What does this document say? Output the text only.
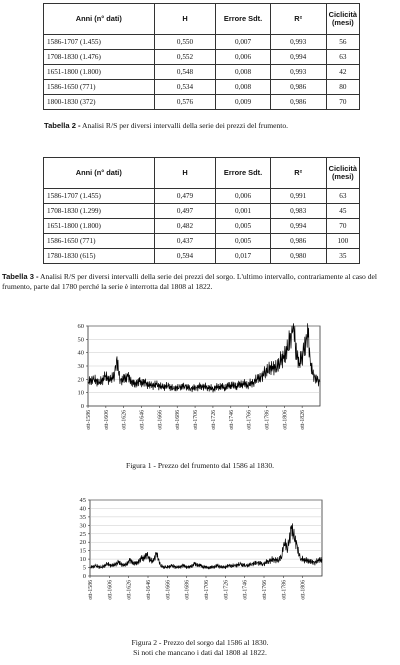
Anni (n° dati)	H	Errore Sdt.	R²	Ciclicità (mesi)
1586-1707 (1.455)	0,550	0,007	0,993	56
1708-1830 (1.476)	0,552	0,006	0,994	63
1651-1800 (1.800)	0,548	0,008	0,993	42
1586-1650 (771)	0,534	0,008	0,986	80
1800-1830 (372)	0,576	0,009	0,986	70
Tabella 2 - Analisi R/S per diversi intervalli della serie dei prezzi del frumento.
Anni (n° dati)	H	Errore Sdt.	R²	Ciclicità (mesi)
1586-1707 (1.455)	0,479	0,006	0,991	63
1708-1830 (1.299)	0,497	0,001	0,983	45
1651-1800 (1.800)	0,482	0,005	0,994	70
1586-1650 (771)	0,437	0,005	0,986	100
1780-1830 (615)	0,594	0,017	0,980	35
Tabella 3 - Analisi R/S per diversi intervalli della serie dei prezzi del sorgo. L'ultimo intervallo, contrariamente al caso del frumento, parte dal 1780 perché la serie è interrotta dal 1808 al 1822.
0
10
20
30
40
50
60
ott-1586 ott-1606 ott-1626 ott-1646 ott-1666 ott-1686 ott-1706 ott-1726 ott-1746 ott-1766 ott-1786 ott-1806 ott-1826
Figura 1 - Prezzo del frumento dal 1586 al 1830.
0
5
10
15
20
25
30
35
40
45
ott-1586 ott-1606 ott-1626 ott-1646 ott-1666 ott-1686 ott-1706 ott-1726 ott-1746 ott-1766 ott-1786 ott-1806
Figura 2 - Prezzo del sorgo dal 1586 al 1830.
Si noti che mancano i dati dal 1808 al 1822.
